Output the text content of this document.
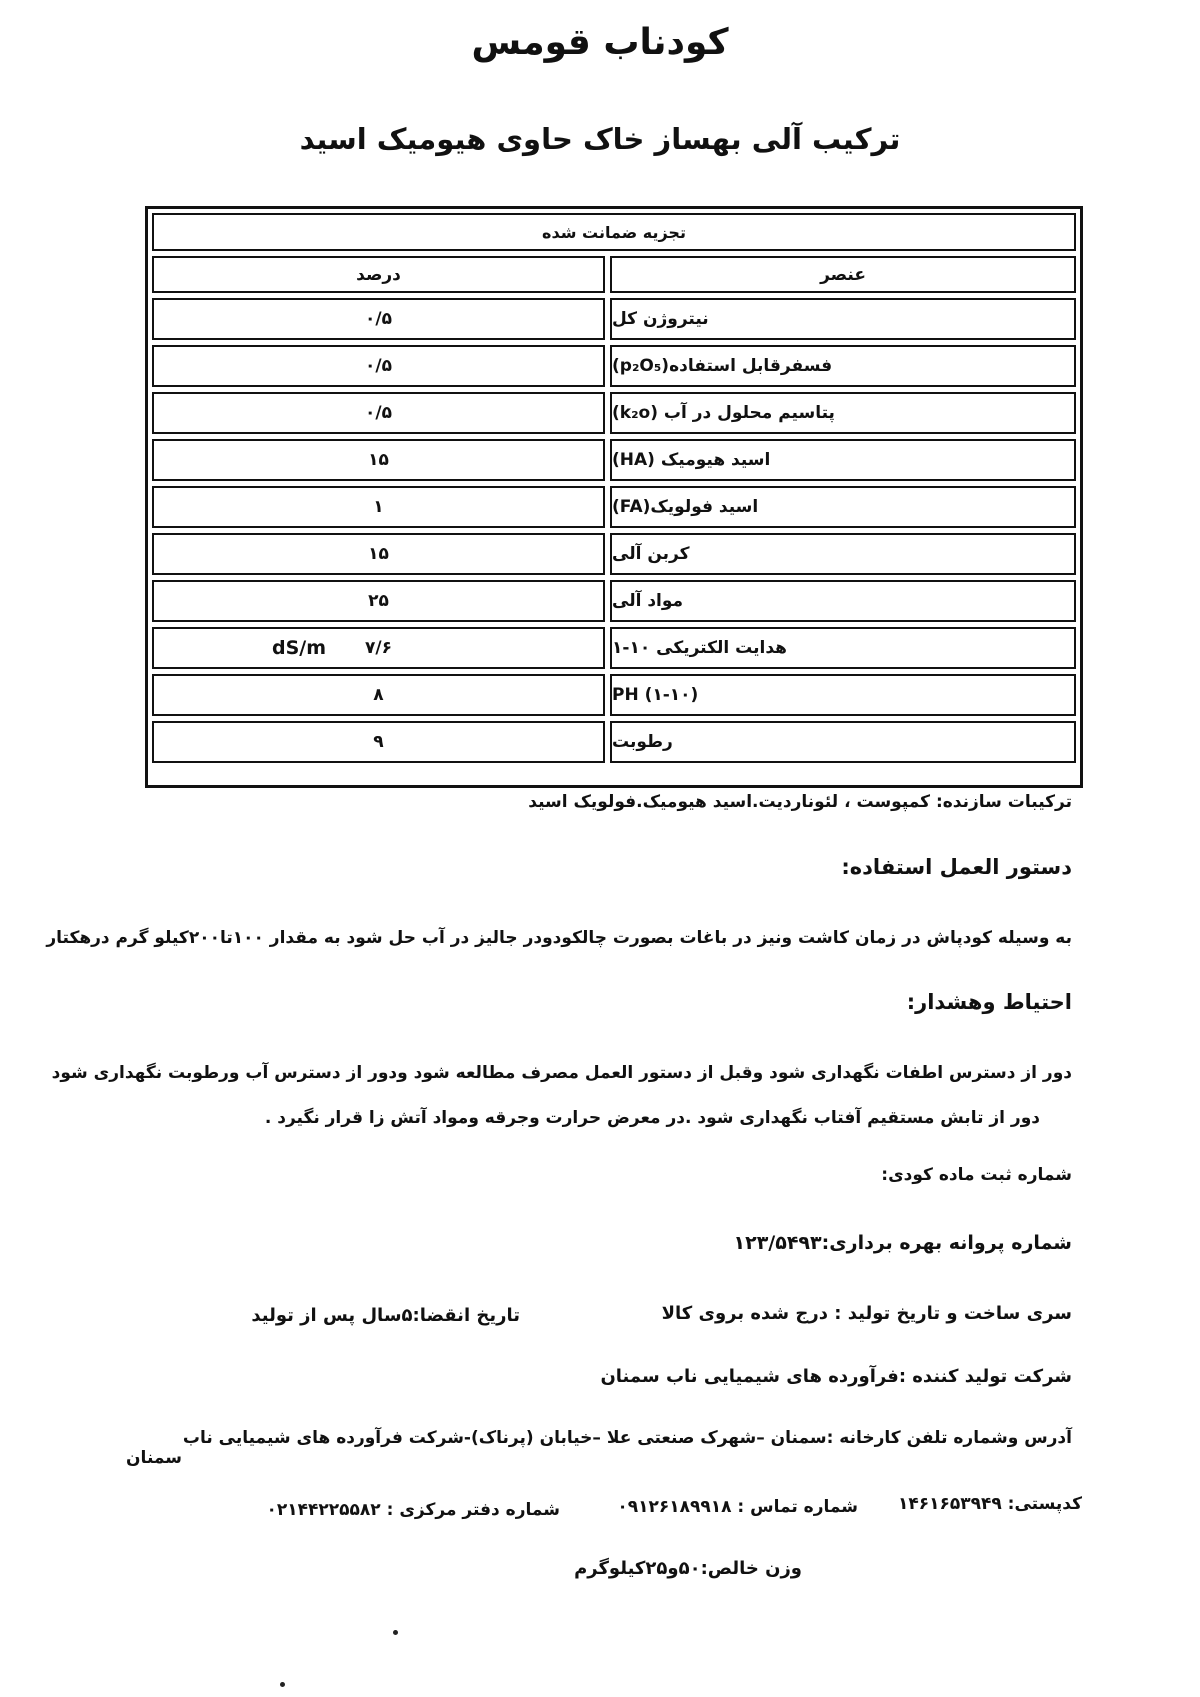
کودناب قومس
ترکیب آلی بهساز خاک حاوی هیومیک اسید
تجزیه ضمانت شده
عنصر
درصد
نیتروژن کل
۰/۵
فسفرقابل استفاده(p₂O₅)
۰/۵
پتاسیم محلول در آب (k₂o)
۰/۵
اسید هیومیک (HA)
۱۵
اسید فولویک(FA)
۱
کربن آلی
۱۵
مواد آلی
۲۵
هدایت الکتریکی ۱۰-۱
۷/۶
dS/m
PH (۱-۱۰)
۸
رطوبت
۹
ترکیبات سازنده: کمپوست ، لئوناردیت.اسید هیومیک.فولویک اسید
دستور العمل استفاده:
به وسیله کودپاش در زمان کاشت ونیز در باغات بصورت چالکودودر جالیز در آب حل شود به مقدار ۱۰۰تا۲۰۰کیلو گرم درهکتار
احتیاط وهشدار:
دور از دسترس اطفات نگهداری شود وقبل از دستور العمل مصرف مطالعه شود ودور از دسترس آب ورطوبت نگهداری شود
دور از تابش مستقیم آفتاب نگهداری شود .در معرض حرارت وجرقه ومواد آتش زا قرار نگیرد .
شماره ثبت ماده کودی:
شماره پروانه بهره برداری:۱۲۳/۵۴۹۳
سری ساخت و تاریخ تولید : درج شده بروی کالا
تاریخ انقضا:۵سال پس از تولید
شرکت تولید کننده :فرآورده های شیمیایی ناب سمنان
آدرس وشماره تلفن کارخانه :سمنان –شهرک صنعتی علا –خیابان (پرناک)-شرکت فرآورده های شیمیایی ناب
سمنان
کدپستی: ۱۴۶۱۶۵۳۹۴۹
شماره تماس : ۰۹۱۲۶۱۸۹۹۱۸
شماره دفتر مرکزی : ۰۲۱۴۴۲۲۵۵۸۲
وزن خالص:۵۰و۲۵کیلوگرم
